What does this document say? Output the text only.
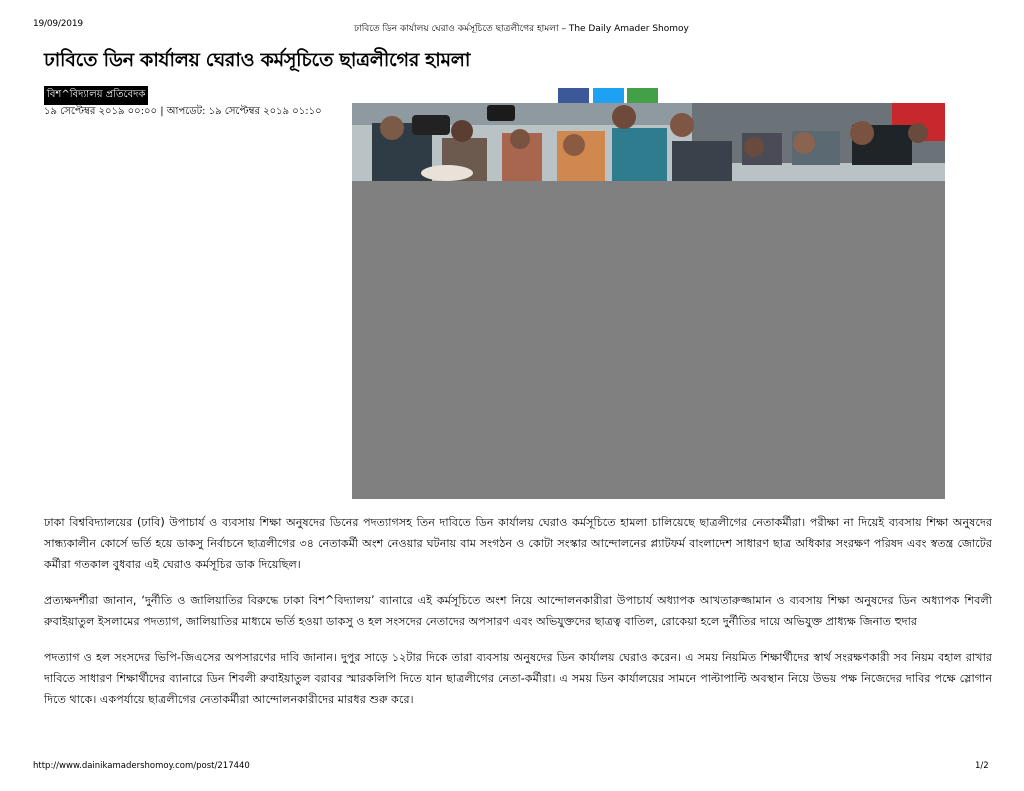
19/09/2019	ঢাবিতে ডিন কার্যালয় ঘেরাও কর্মসূচিতে ছাত্রলীগের হামলা – The Daily Amader Shomoy
ঢাবিতে ডিন কার্যালয় ঘেরাও কর্মসূচিতে ছাত্রলীগের হামলা
বিশ^বিদ্যালয় প্রতিবেদক
১৯ সেপ্টেম্বর ২০১৯ ০০:০০ | আপডেট: ১৯ সেপ্টেম্বর ২০১৯ ০১:১০

ঢাকা বিশ্ববিদ্যালয়ের (ঢাবি) উপাচার্য ও ব্যবসায় শিক্ষা অনুষদের ডিনের পদত্যাগসহ তিন দাবিতে ডিন কার্যালয় ঘেরাও কর্মসূচিতে হামলা চালিয়েছে ছাত্রলীগের নেতাকর্মীরা। পরীক্ষা না দিয়েই ব্যবসায় শিক্ষা অনুষদের সান্ধ্যকালীন কোর্সে ভর্তি হয়ে ডাকসু নির্বাচনে ছাত্রলীগের ৩৪ নেতাকর্মী অংশ নেওয়ার ঘটনায় বাম সংগঠন ও কোটা সংস্কার আন্দোলনের প্ল্যাটফর্ম বাংলাদেশ সাধারণ ছাত্র অধিকার সংরক্ষণ পরিষদ এবং স্বতন্ত্র জোটের কর্মীরা গতকাল বুধবার এই ঘেরাও কর্মসূচির ডাক দিয়েছিল।

প্রত্যক্ষদর্শীরা জানান, ‘দুর্নীতি ও জালিয়াতির বিরুদ্ধে ঢাকা বিশ^বিদ্যালয়’ ব্যানারে এই কর্মসূচিতে অংশ নিয়ে আন্দোলনকারীরা উপাচার্য অধ্যাপক আখতারুজ্জামান ও ব্যবসায় শিক্ষা অনুষদের ডিন অধ্যাপক শিবলী রুবাইয়াতুল ইসলামের পদত্যাগ, জালিয়াতির মাধ্যমে ভর্তি হওয়া ডাকসু ও হল সংসদের নেতাদের অপসারণ এবং অভিযুক্তদের ছাত্রত্ব বাতিল, রোকেয়া হলে দুর্নীতির দায়ে অভিযুক্ত প্রাধ্যক্ষ জিনাত হুদার

পদত্যাগ ও হল সংসদের ভিপি-জিএসের অপসারণের দাবি জানান। দুপুর সাড়ে ১২টার দিকে তারা ব্যবসায় অনুষদের ডিন কার্যালয় ঘেরাও করেন। এ সময় নিয়মিত শিক্ষার্থীদের স্বার্থ সংরক্ষণকারী সব নিয়ম বহাল রাখার দাবিতে সাধারণ শিক্ষার্থীদের ব্যানারে ডিন শিবলী রুবাইয়াতুল বরাবর স্মারকলিপি দিতে যান ছাত্রলীগের নেতা-কর্মীরা। এ সময় ডিন কার্যালয়ের সামনে পাল্টাপাল্টি অবস্থান নিয়ে উভয় পক্ষ নিজেদের দাবির পক্ষে স্লোগান দিতে থাকে। একপর্যায়ে ছাত্রলীগের নেতাকর্মীরা আন্দোলনকারীদের মারধর শুরু করে।

http://www.dainikamadershomoy.com/post/217440	1/2
